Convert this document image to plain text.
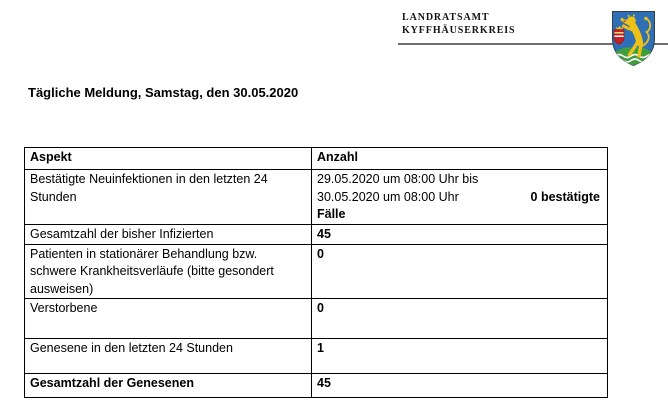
LANDRATSAMT
KYFFHÄUSERKREIS
Tägliche Meldung, Samstag, den 30.05.2020
Aspekt	Anzahl
Bestätigte Neuinfektionen in den letzten 24 Stunden	29.05.2020 um 08:00 Uhr bis
30.05.2020 um 08:00 Uhr 0 bestätigte
Fälle

Gesamtzahl der bisher Infizierten	45
Patienten in stationärer Behandlung bzw. schwere Krankheitsverläufe (bitte gesondert ausweisen)	0
Verstorbene	0
Genesene in den letzten 24 Stunden	1
Gesamtzahl der Genesenen	45
